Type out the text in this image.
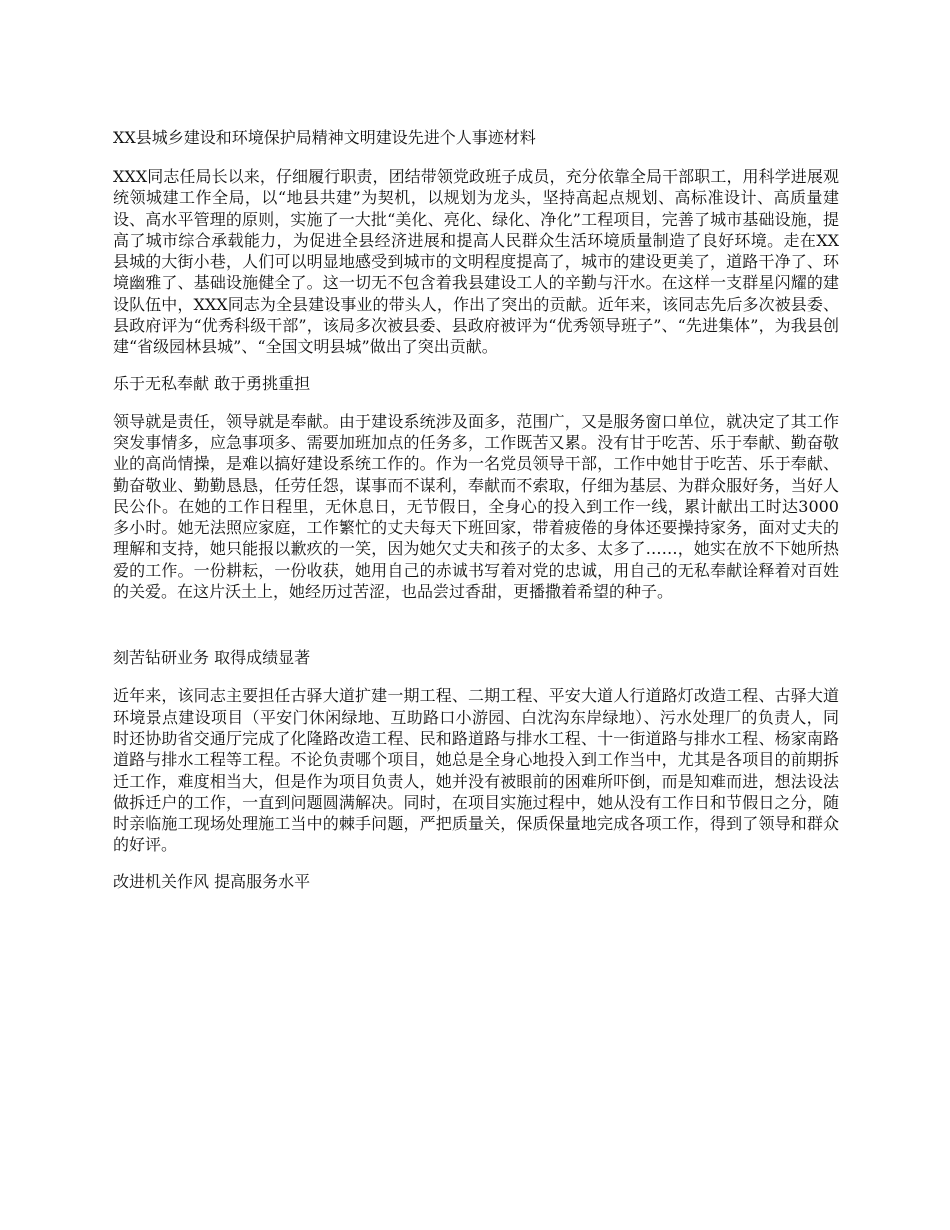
XX县城乡建设和环境保护局精神文明建设先进个人事迹材料
XXX同志任局长以来，仔细履行职责，团结带领党政班子成员，充分依靠全局干部职工，用科学进展观统领城建工作全局，以“地县共建”为契机，以规划为龙头，坚持高起点规划、高标准设计、高质量建设、高水平管理的原则，实施了一大批“美化、亮化、绿化、净化”工程项目，完善了城市基础设施，提高了城市综合承载能力，为促进全县经济进展和提高人民群众生活环境质量制造了良好环境。走在XX县城的大街小巷，人们可以明显地感受到城市的文明程度提高了，城市的建设更美了，道路干净了、环境幽雅了、基础设施健全了。这一切无不包含着我县建设工人的辛勤与汗水。在这样一支群星闪耀的建设队伍中，XXX同志为全县建设事业的带头人，作出了突出的贡献。近年来，该同志先后多次被县委、县政府评为“优秀科级干部”，该局多次被县委、县政府被评为“优秀领导班子”、“先进集体”，为我县创建“省级园林县城”、“全国文明县城”做出了突出贡献。
乐于无私奉献 敢于勇挑重担
领导就是责任，领导就是奉献。由于建设系统涉及面多，范围广，又是服务窗口单位，就决定了其工作突发事情多，应急事项多、需要加班加点的任务多，工作既苦又累。没有甘于吃苦、乐于奉献、勤奋敬业的高尚情操，是难以搞好建设系统工作的。作为一名党员领导干部，工作中她甘于吃苦、乐于奉献、勤奋敬业、勤勤恳恳，任劳任怨，谋事而不谋利，奉献而不索取，仔细为基层、为群众服好务，当好人民公仆。在她的工作日程里，无休息日，无节假日，全身心的投入到工作一线，累计献出工时达3000多小时。她无法照应家庭，工作繁忙的丈夫每天下班回家，带着疲倦的身体还要操持家务，面对丈夫的理解和支持，她只能报以歉疚的一笑，因为她欠丈夫和孩子的太多、太多了……，她实在放不下她所热爱的工作。一份耕耘，一份收获，她用自己的赤诚书写着对党的忠诚，用自己的无私奉献诠释着对百姓的关爱。在这片沃土上，她经历过苦涩，也品尝过香甜，更播撒着希望的种子。
刻苦钻研业务 取得成绩显著
近年来，该同志主要担任古驿大道扩建一期工程、二期工程、平安大道人行道路灯改造工程、古驿大道环境景点建设项目（平安门休闲绿地、互助路口小游园、白沈沟东岸绿地）、污水处理厂的负责人，同时还协助省交通厅完成了化隆路改造工程、民和路道路与排水工程、十一街道路与排水工程、杨家南路道路与排水工程等工程。不论负责哪个项目，她总是全身心地投入到工作当中，尤其是各项目的前期拆迁工作，难度相当大，但是作为项目负责人，她并没有被眼前的困难所吓倒，而是知难而进，想法设法做拆迁户的工作，一直到问题圆满解决。同时，在项目实施过程中，她从没有工作日和节假日之分，随时亲临施工现场处理施工当中的棘手问题，严把质量关，保质保量地完成各项工作，得到了领导和群众的好评。
改进机关作风 提高服务水平
